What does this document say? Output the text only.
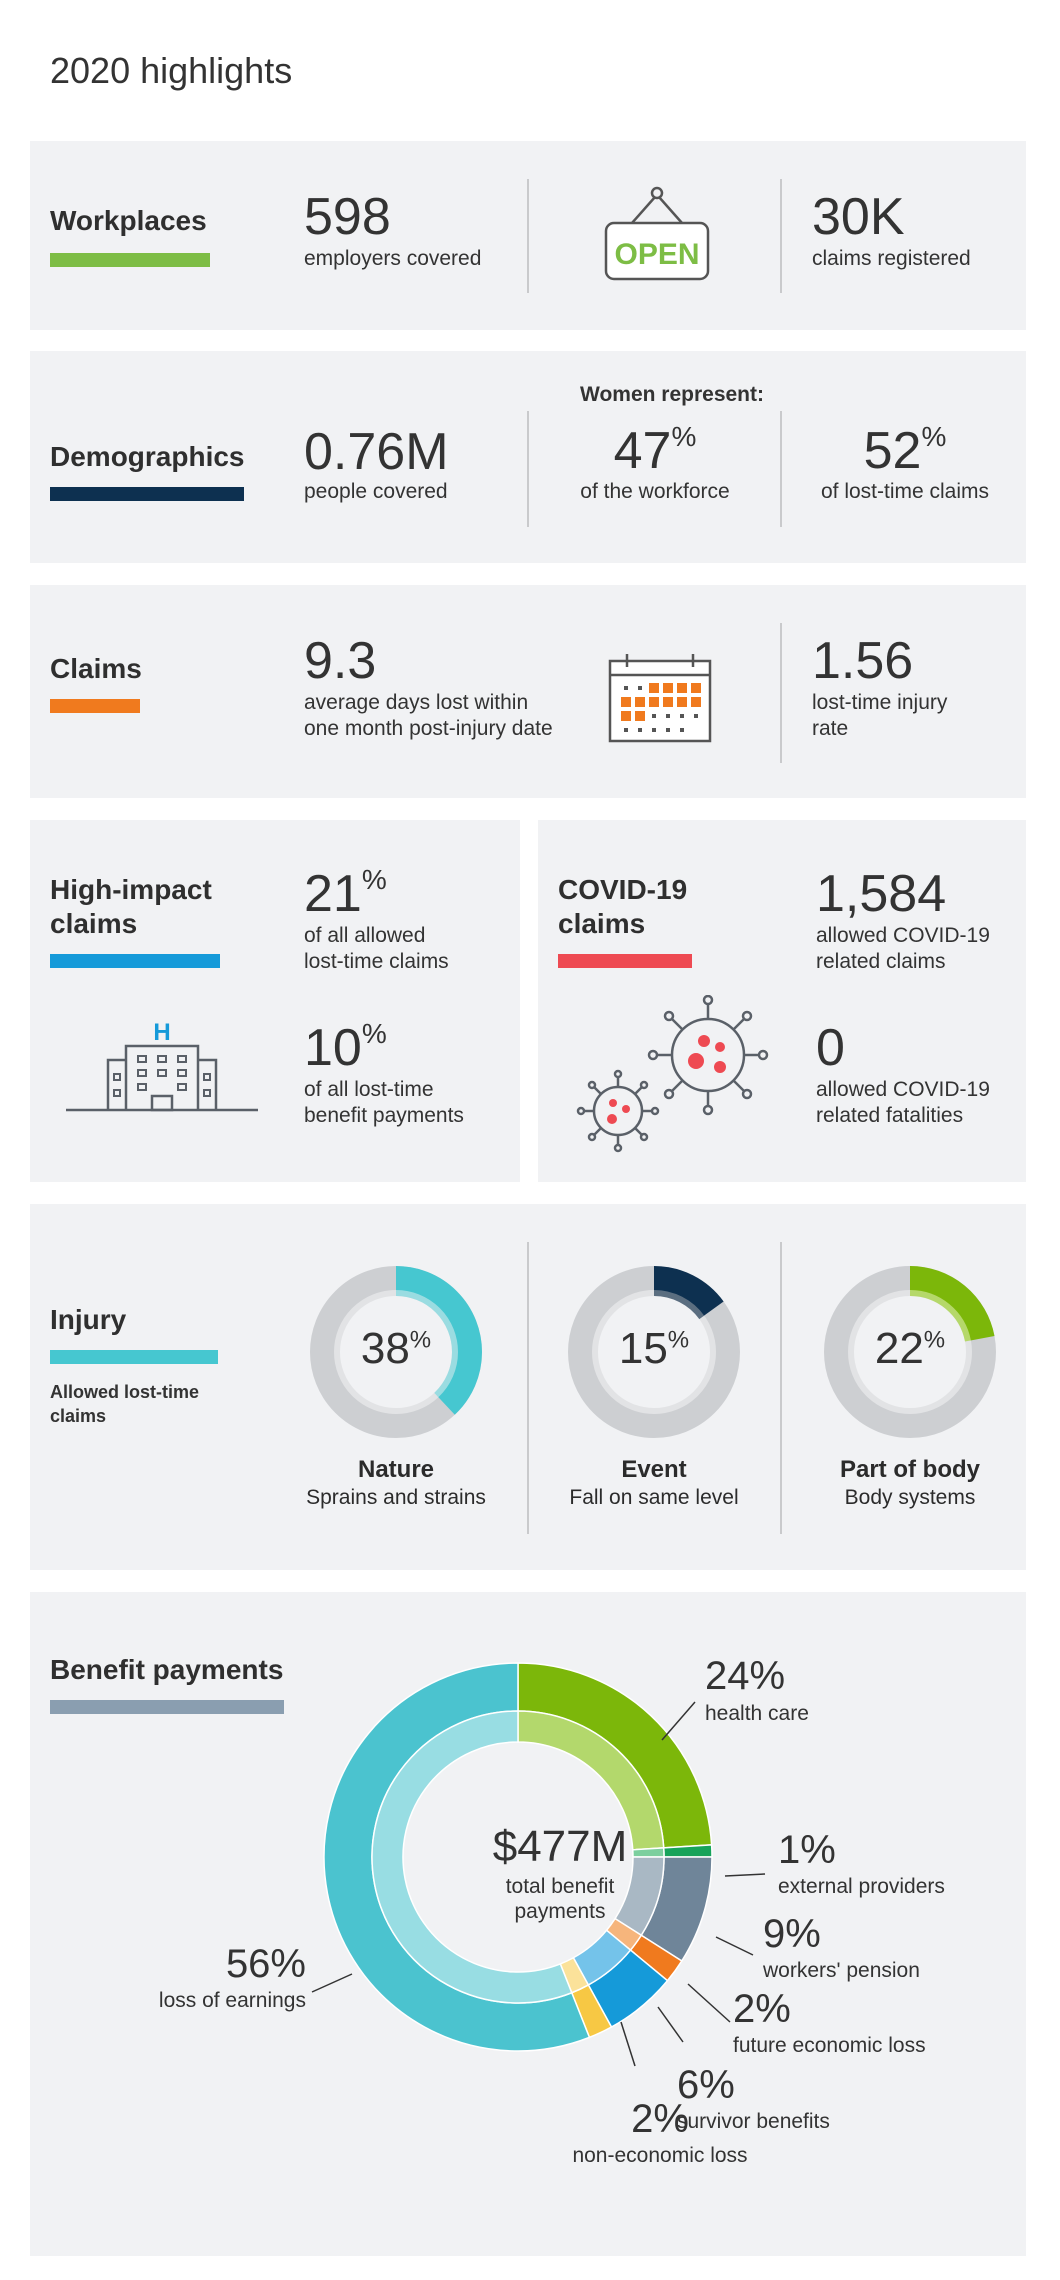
2020 highlights
Workplaces 598
employers covered	OPEN
30K
claims registered
Demographics 0.76M
people covered
Women represent:
47%
of the workforce
52%
of lost-time claims
Claims	9.3
average days lost within
one month post-injury date
1.56
lost-time injury
rate
High-impact
claims
21%
of all allowed
lost-time claims
H	10%
of all lost-time
benefit payments
COVID-19
claims
1,584
allowed COVID-19
related claims
0
allowed COVID-19
related fatalities
Injury
Allowed lost-time
claims
38%
Nature
Sprains and strains
15%
Event
Fall on same level
22%
Part of body
Body systems
Benefit payments
$477M
total benefit
payments
24%
health care
1%
external providers
9%
workers' pension
2%
future economic loss
6%
survivor benefits
2%
non-economic loss
56%
loss of earnings
